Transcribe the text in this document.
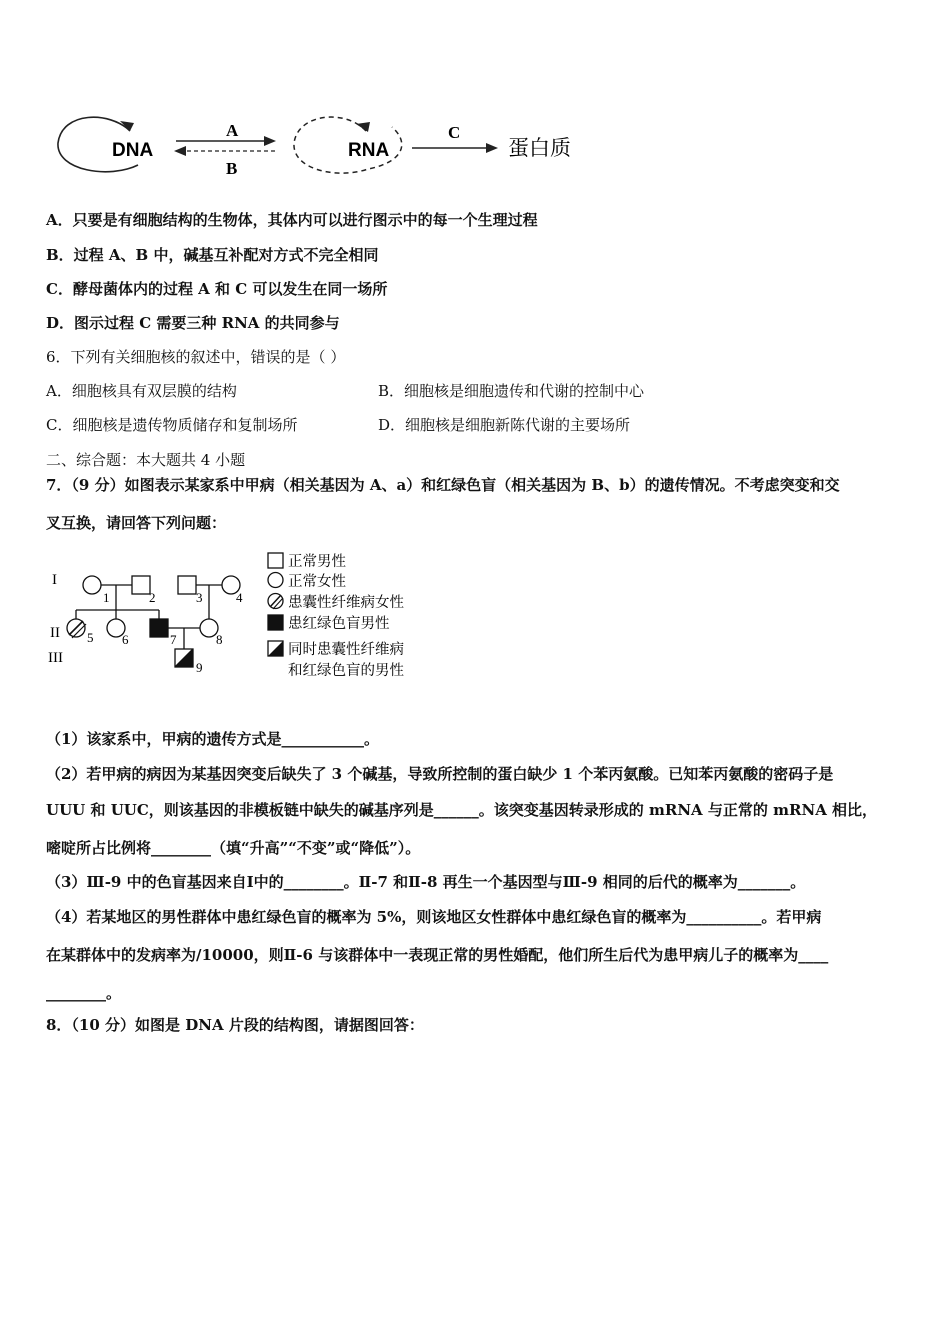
DNA
A
B
RNA
C
蛋白质
A．只要是有细胞结构的生物体，其体内可以进行图示中的每一个生理过程
B．过程 A、B 中，碱基互补配对方式不完全相同
C．酵母菌体内的过程 A 和 C 可以发生在同一场所
D．图示过程 C 需要三种 RNA 的共同参与
6．下列有关细胞核的叙述中，错误的是（ ）
A．细胞核具有双层膜的结构	B．细胞核是细胞遗传和代谢的控制中心
C．细胞核是遗传物质储存和复制场所	D．细胞核是细胞新陈代谢的主要场所
二、综合题：本大题共 4 小题
7．（9 分）如图表示某家系中甲病（相关基因为 A、a）和红绿色盲（相关基因为 B、b）的遗传情况。不考虑突变和交
叉互换，请回答下列问题：
I
II
III
1	2	3	4
5 6	7	8
9
正常男性
正常女性
患囊性纤维病女性
患红绿色盲男性
同时患囊性纤维病
和红绿色盲的男性
（1）该家系中，甲病的遗传方式是___________。
（2）若甲病的病因为某基因突变后缺失了 3 个碱基，导致所控制的蛋白缺少 1 个苯丙氨酸。已知苯丙氨酸的密码子是
UUU 和 UUC，则该基因的非模板链中缺失的碱基序列是______。该突变基因转录形成的 mRNA 与正常的 mRNA 相比，
嘧啶所占比例将________（填“升高”“不变”或“降低”）。
（3）Ⅲ-9 中的色盲基因来自Ⅰ中的________。Ⅱ-7 和Ⅱ-8 再生一个基因型与Ⅲ-9 相同的后代的概率为_______。
（4）若某地区的男性群体中患红绿色盲的概率为 5%，则该地区女性群体中患红绿色盲的概率为__________。若甲病
在某群体中的发病率为/10000，则Ⅱ-6 与该群体中一表现正常的男性婚配，他们所生后代为患甲病儿子的概率为____
________。
8．（10 分）如图是 DNA 片段的结构图，请据图回答：
